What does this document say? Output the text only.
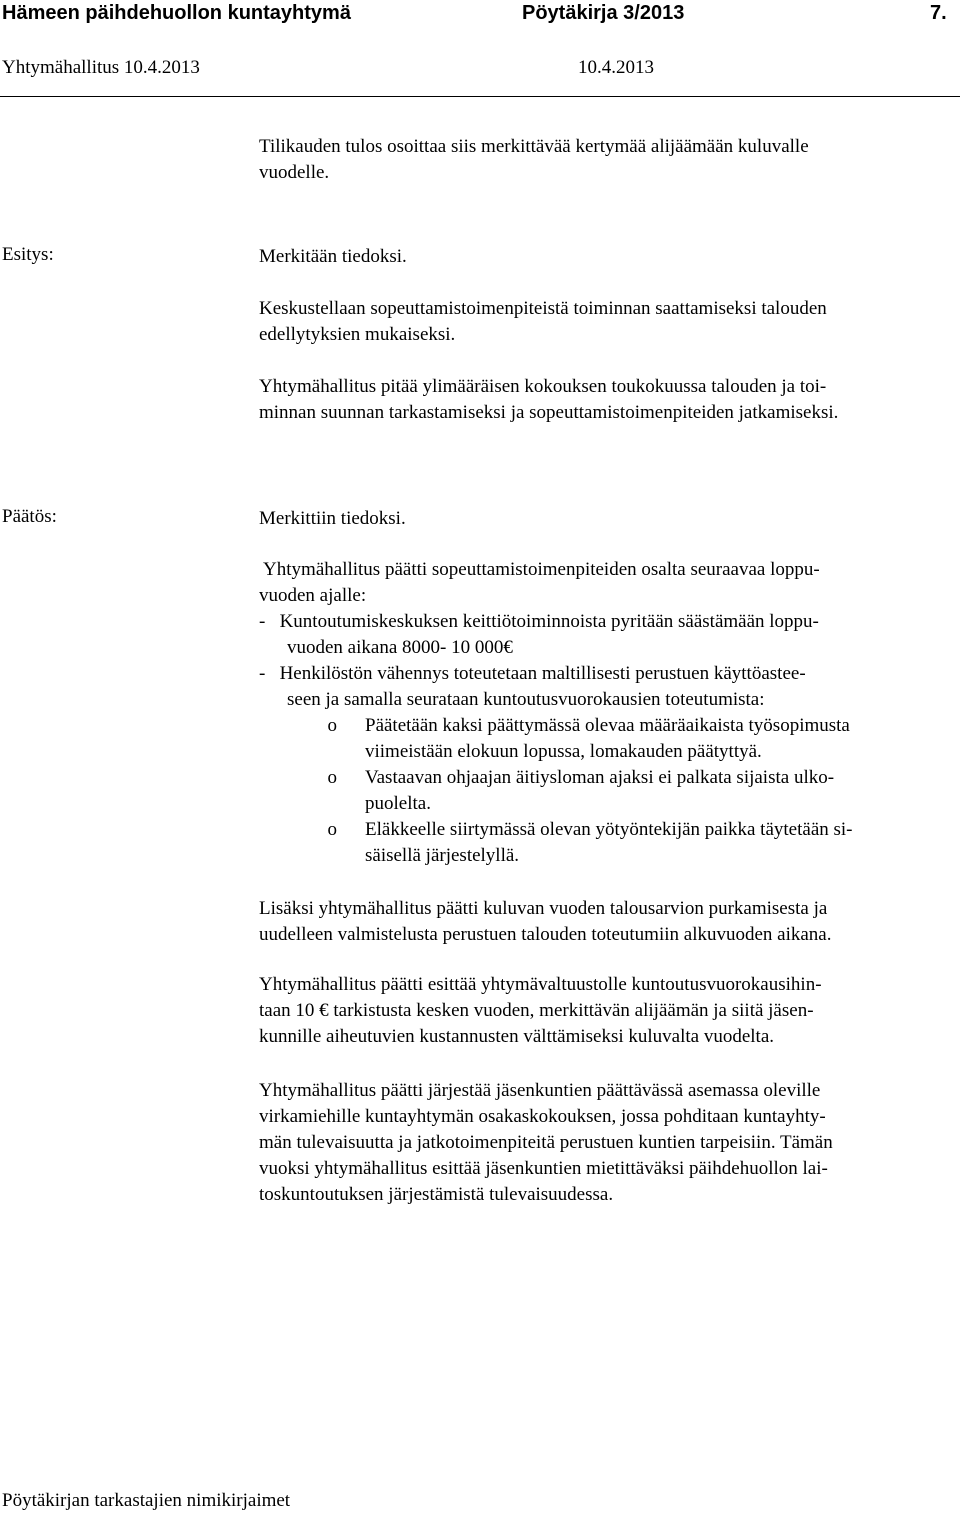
Hämeen päihdehuollon kuntayhtymä	Pöytäkirja 3/2013	7.
Yhtymähallitus 10.4.2013	10.4.2013

Tilikauden tulos osoittaa siis merkittävää kertymää alijäämään kuluvalle

vuodelle.

Esitys:	Merkitään tiedoksi.

Keskustellaan sopeuttamistoimenpiteistä toiminnan saattamiseksi talouden

edellytyksien mukaiseksi.

Yhtymähallitus pitää ylimääräisen kokouksen toukokuussa talouden ja toi-

minnan suunnan tarkastamiseksi ja sopeuttamistoimenpiteiden jatkamiseksi.

Päätös:	Merkittiin tiedoksi.

Yhtymähallitus päätti sopeuttamistoimenpiteiden osalta seuraavaa loppu-

vuoden ajalle:

-   Kuntoutumiskeskuksen keittiötoiminnoista pyritään säästämään loppu-

vuoden aikana 8000- 10 000€

-   Henkilöstön vähennys toteutetaan maltillisesti perustuen käyttöastee-

seen ja samalla seurataan kuntoutusvuorokausien toteutumista:

o Päätetään kaksi päättymässä olevaa määräaikaista työsopimusta

viimeistään elokuun lopussa, lomakauden päätyttyä.

o Vastaavan ohjaajan äitiysloman ajaksi ei palkata sijaista ulko-

puolelta.

o Eläkkeelle siirtymässä olevan yötyöntekijän paikka täytetään si-

säisellä järjestelyllä.

Lisäksi yhtymähallitus päätti kuluvan vuoden talousarvion purkamisesta ja

uudelleen valmistelusta perustuen talouden toteutumiin alkuvuoden aikana.

Yhtymähallitus päätti esittää yhtymävaltuustolle kuntoutusvuorokausihin-

taan 10 € tarkistusta kesken vuoden, merkittävän alijäämän ja siitä jäsen-

kunnille aiheutuvien kustannusten välttämiseksi kuluvalta vuodelta.

Yhtymähallitus päätti järjestää jäsenkuntien päättävässä asemassa oleville

virkamiehille kuntayhtymän osakaskokouksen, jossa pohditaan kuntayhty-

män tulevaisuutta ja jatkotoimenpiteitä perustuen kuntien tarpeisiin. Tämän

vuoksi yhtymähallitus esittää jäsenkuntien mietittäväksi päihdehuollon lai-

toskuntoutuksen järjestämistä tulevaisuudessa.

Pöytäkirjan tarkastajien nimikirjaimet
